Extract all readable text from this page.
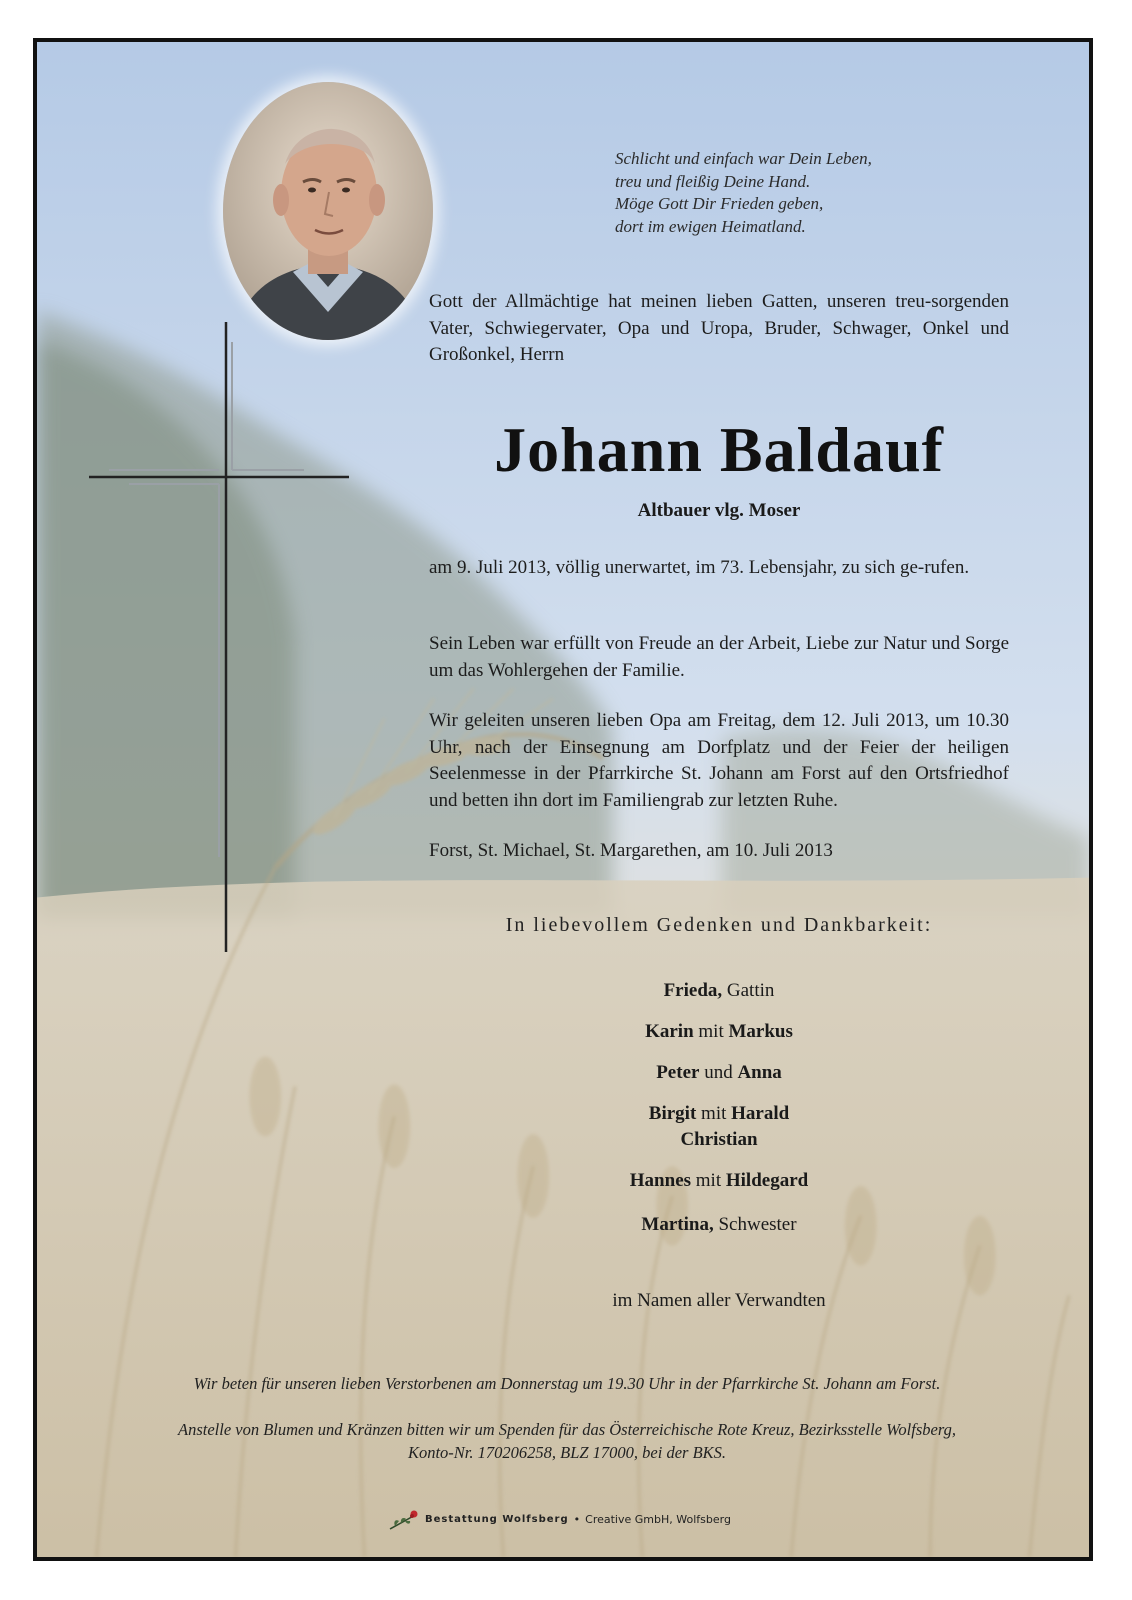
Schlicht und einfach war Dein Leben,
treu und fleißig Deine Hand.
Möge Gott Dir Frieden geben,
dort im ewigen Heimatland.
Gott der Allmächtige hat meinen lieben Gatten, unseren treu-sorgenden Vater, Schwiegervater, Opa und Uropa, Bruder, Schwager, Onkel und Großonkel, Herrn
Johann Baldauf
Altbauer vlg. Moser
am 9. Juli 2013, völlig unerwartet, im 73. Lebensjahr, zu sich ge-rufen.
Sein Leben war erfüllt von Freude an der Arbeit, Liebe zur Natur und Sorge um das Wohlergehen der Familie.
Wir geleiten unseren lieben Opa am Freitag, dem 12. Juli 2013, um 10.30 Uhr, nach der Einsegnung am Dorfplatz und der Feier der heiligen Seelenmesse in der Pfarrkirche St. Johann am Forst auf den Ortsfriedhof und betten ihn dort im Familiengrab zur letzten Ruhe.
Forst, St. Michael, St. Margarethen, am 10. Juli 2013
In liebevollem Gedenken und Dankbarkeit:
Frieda, Gattin
Karin mit Markus
Peter und Anna
Birgit mit Harald
Christian
Hannes mit Hildegard
Martina, Schwester
im Namen aller Verwandten
Wir beten für unseren lieben Verstorbenen am Donnerstag um 19.30 Uhr in der Pfarrkirche St. Johann am Forst.
Anstelle von Blumen und Kränzen bitten wir um Spenden für das Österreichische Rote Kreuz, Bezirksstelle Wolfsberg,
Konto-Nr. 170206258, BLZ 17000, bei der BKS.
Bestattung Wolfsberg • Creative GmbH, Wolfsberg
